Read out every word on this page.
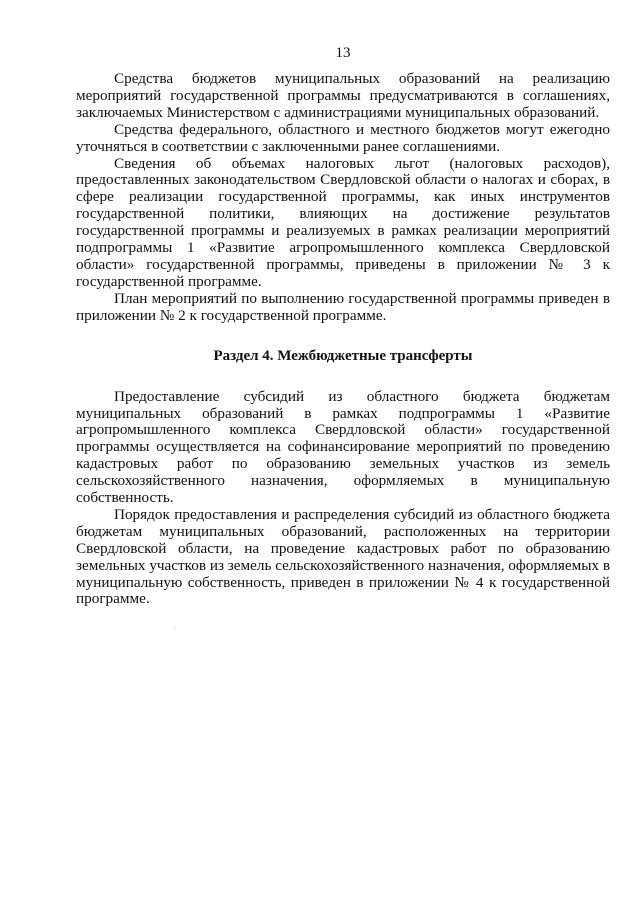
13

Средства бюджетов муниципальных образований на реализацию мероприятий государственной программы предусматриваются в соглашениях, заключаемых Министерством с администрациями муниципальных образований.

Средства федерального, областного и местного бюджетов могут ежегодно уточняться в соответствии с заключенными ранее соглашениями.

Сведения об объемах налоговых льгот (налоговых расходов), предоставленных законодательством Свердловской области о налогах и сборах, в сфере реализации государственной программы, как иных инструментов государственной политики, влияющих на достижение результатов государственной программы и реализуемых в рамках реализации мероприятий подпрограммы 1 «Развитие агропромышленного комплекса Свердловской области» государственной программы, приведены в приложении № 3 к государственной программе.

План мероприятий по выполнению государственной программы приведен в приложении № 2 к государственной программе.

Раздел 4. Межбюджетные трансферты

Предоставление субсидий из областного бюджета бюджетам муниципальных образований в рамках подпрограммы 1 «Развитие агропромышленного комплекса Свердловской области» государственной программы осуществляется на софинансирование мероприятий по проведению кадастровых работ по образованию земельных участков из земель сельскохозяйственного назначения, оформляемых в муниципальную собственность.

Порядок предоставления и распределения субсидий из областного бюджета бюджетам муниципальных образований, расположенных на территории Свердловской области, на проведение кадастровых работ по образованию земельных участков из земель сельскохозяйственного назначения, оформляемых в муниципальную собственность, приведен в приложении № 4 к государственной программе.
